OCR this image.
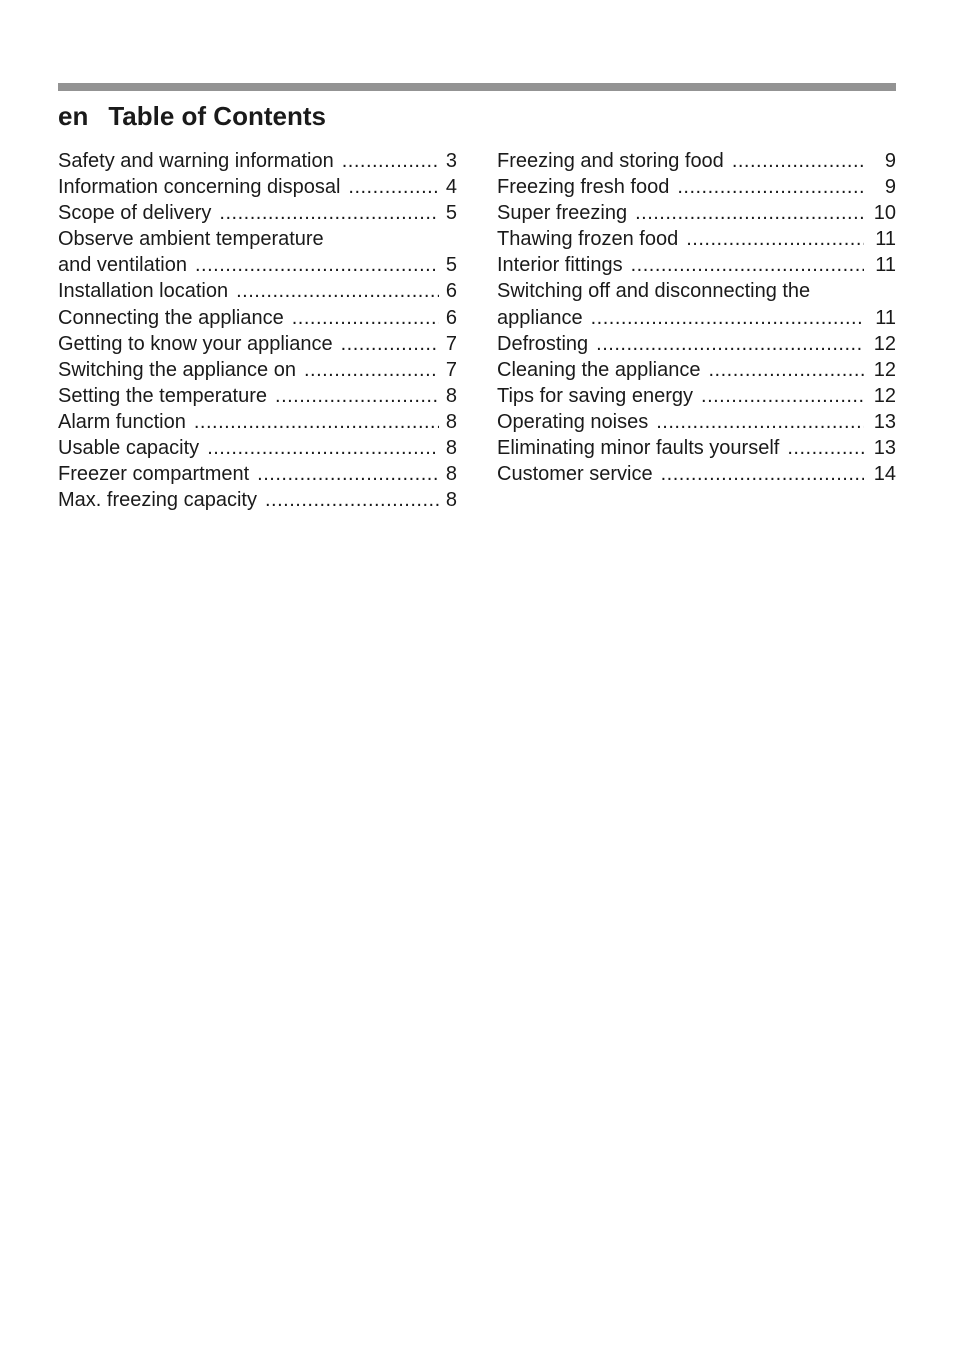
en Table of Contents
Safety and warning information .....	3
Information concerning disposal .....	4
Scope of delivery .....	5
Observe ambient temperature
and ventilation .....	5
Installation location .....	6
Connecting the appliance .....	6
Getting to know your appliance .....	7
Switching the appliance on .....	7
Setting the temperature .....	8
Alarm function .....	8
Usable capacity .....	8
Freezer compartment .....	8
Max. freezing capacity .....	8
Freezing and storing food .....	9
Freezing fresh food .....	9
Super freezing .....	10
Thawing frozen food .....	11
Interior fittings .....	11
Switching off and disconnecting the
appliance .....	11
Defrosting .....	12
Cleaning the appliance .....	12
Tips for saving energy .....	12
Operating noises .....	13
Eliminating minor faults yourself .....	13
Customer service .....	14
